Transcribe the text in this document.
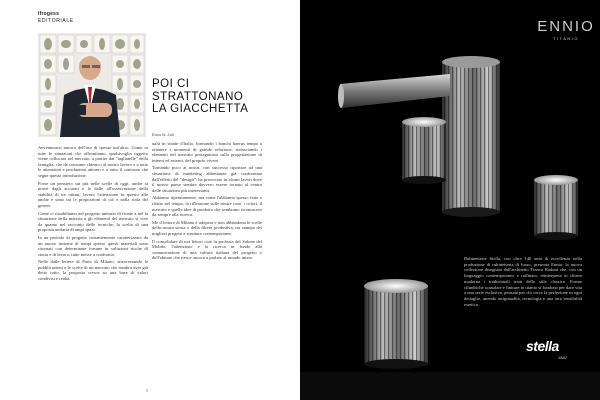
Ifrogess
EDITORIALE
POI CI
STRATTONANO
LA GIACCHETTA
Enzo N. Zuli

Avventurarsi ancora dell'uso di questa tutt'altro. Come in tutte le situazioni che affrontiamo, qualsivoglia oggetto viene collocato nel mercato, a partire dai "tagliatelle" della famiglia, che da consumo chimico al nostro lavoro e a tutte le attenzioni e produzioni attorno e a tutto il contorno che segue questa introduzione.

Forse un pensiero sui più nelle scelte di oggi, anche ai nostri dagli accurati e le dalle all'osservazione della stabilità di tre ottimi, lavoro l'attenzione in questo alle anche e sono tra le proporzioni di ciò e nella rotta del genere.

Come ci ristabiliamo nel progetto unitario di fronte a nel la situazione della materia a gli elementi del mercato si vive da quanto nel racconto delle tecniche, la scelta di una proposta unitaria di ampi spazi.

In un periodo di progetto costantemente caratterizzato da un nuovo insieme di tempi spesso questi materiali sono ritornati con determinate fortune in soluzioni ricche di storia e di lavoro, tutte messe a confronto.

Nelle dalle lettere di Parte di Milano, attraversando le pubblicazioni e le scelte di un mercato che sembra aver già detto tutto, la proposta cresce su una base di valori condivisi e realtà.

ualit in strade d'Italia, formando i banchi haerus tempo a ottenere i momenti di grande relazione, tralasciando i elementi nel mercato protagonista sulla progettazione di interni ed esterni, del proprio vivere.

Tornando poco ai nostri, con successo riportare ad una situazione di marketing abbastanza già confrontata dall'effetto del "design": ha provocato in alcuni lavori dove il nostro paese sembra davvero essere tornato al centro delle situazioni più interessanti.

Abbiamo ripetutamente, ma come l'abbiamo spesso fatto e rifatto nel tempo, la riflessione sulle nostre cose, i colori, il mercato e quelle idee di prodotto che sembrano riconoscere da sempre alla ricerca.

Me il lettore di Milano è adopera e non abbandona le scelte della nostra storia e della filiera produttiva, tra stampa dei migliori progetti e strutture contemporanee.

Il consolidare di noi lettori cioè la profezia del Salone del Mobile, l'attenzione e la ricerca in fondo alla comunicazione di una cultura italiana del progetto e dell'abitare che riesce ancora a parlare al mondo intero.

5
ENNIO
TITANIO

Rubinetterie Stella, con oltre 140 anni di eccellenza nella produzione di rubinetteria di lusso, presenta Ennio: la nuova collezione disegnata dall'architetto Franco Raduni che, con un linguaggio contemporaneo e raffinato, reinterpreta in chiave moderna i tradizionali tratti dello stile classico. Forme cilindriche scanalate e finiture in titanio si fondono per dare vita a una serie esclusiva, pensata per chi cerca la perfezione in ogni dettaglio, unendo artigianalità, tecnologia e una rara sensibilità estetica.

stella
1882
